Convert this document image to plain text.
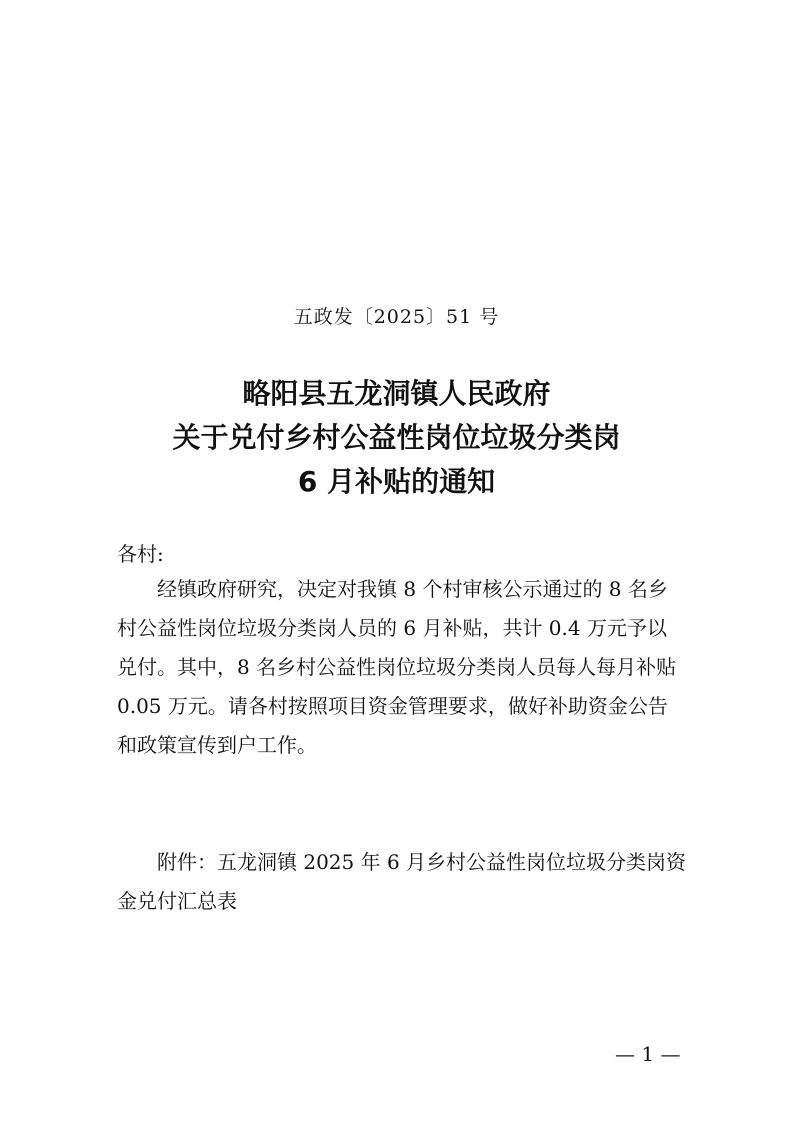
五政发〔2025〕51 号
略阳县五龙洞镇人民政府
关于兑付乡村公益性岗位垃圾分类岗
6 月补贴的通知
各村:
经镇政府研究，决定对我镇 8 个村审核公示通过的 8 名乡
村公益性岗位垃圾分类岗人员的 6 月补贴，共计 0.4 万元予以
兑付。其中，8 名乡村公益性岗位垃圾分类岗人员每人每月补贴
0.05 万元。请各村按照项目资金管理要求，做好补助资金公告
和政策宣传到户工作。
附件：五龙洞镇 2025 年 6 月乡村公益性岗位垃圾分类岗资
金兑付汇总表
— 1 —
